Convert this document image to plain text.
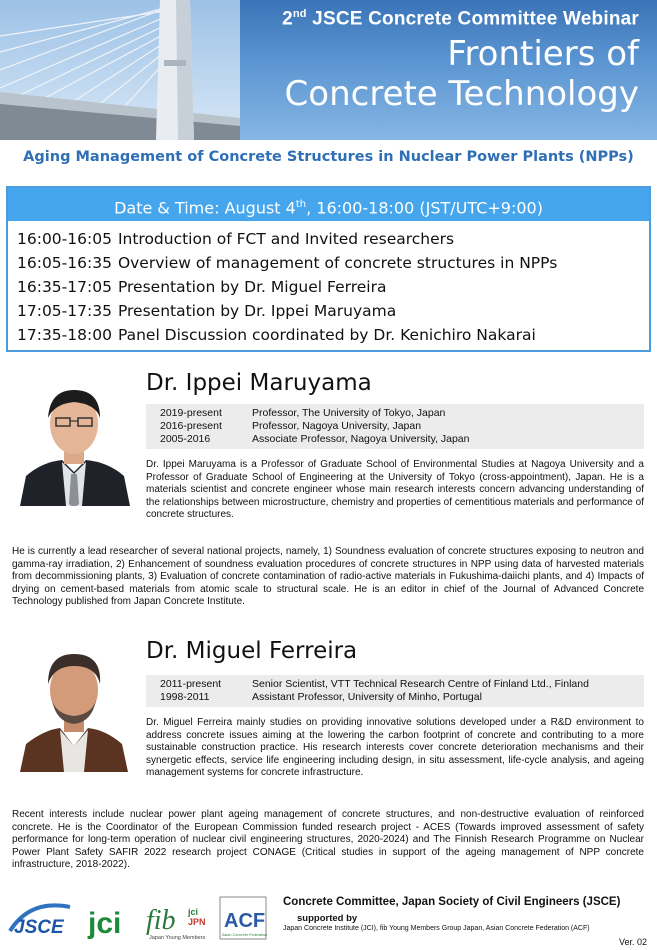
2nd JSCE Concrete Committee Webinar
Frontiers of
Concrete Technology
Aging Management of Concrete Structures in Nuclear Power Plants (NPPs)
Date & Time: August 4th, 16:00-18:00 (JST/UTC+9:00)
16:00-16:05 Introduction of FCT and Invited researchers
16:05-16:35 Overview of management of concrete structures in NPPs
16:35-17:05 Presentation by Dr. Miguel Ferreira
17:05-17:35 Presentation by Dr. Ippei Maruyama
17:35-18:00 Panel Discussion coordinated by Dr. Kenichiro Nakarai
Dr. Ippei Maruyama
2019-present	Professor, The University of Tokyo, Japan
2016-present	Professor, Nagoya University, Japan
2005-2016	Associate Professor, Nagoya University, Japan
Dr. Ippei Maruyama is a Professor of Graduate School of Environmental Studies at Nagoya University and a Professor of Graduate School of Engineering at the University of Tokyo (cross-appointment), Japan. He is a materials scientist and concrete engineer whose main research interests concern advancing understanding of the relationships between microstructure, chemistry and properties of cementitious materials and performance of concrete structures.
He is currently a lead researcher of several national projects, namely, 1) Soundness evaluation of concrete structures exposing to neutron and gamma-ray irradiation, 2) Enhancement of soundness evaluation procedures of concrete structures in NPP using data of harvested materials from decommissioning plants, 3) Evaluation of concrete contamination of radio-active materials in Fukushima-daiichi plants, and 4) Impacts of drying on cement-based materials from atomic scale to structural scale. He is an editor in chief of the Journal of Advanced Concrete Technology published from Japan Concrete Institute.
Dr. Miguel Ferreira
2011-present	Senior Scientist, VTT Technical Research Centre of Finland Ltd., Finland
1998-2011	Assistant Professor, University of Minho, Portugal
Dr. Miguel Ferreira mainly studies on providing innovative solutions developed under a R&D environment to address concrete issues aiming at the lowering the carbon footprint of concrete and contributing to a more sustainable construction practice. His research interests cover concrete deterioration mechanisms and their synergetic effects, service life engineering including design, in situ assessment, life-cycle analysis, and ageing management systems for concrete infrastructure.
Recent interests include nuclear power plant ageing management of concrete structures, and non-destructive evaluation of reinforced concrete. He is the Coordinator of the European Commission funded research project - ACES (Towards improved assessment of safety performance for long-term operation of nuclear civil engineering structures, 2020-2024) and The Finnish Research Programme on Nuclear Power Plant Safety SAFIR 2022 research project CONAGE (Critical studies in support of the ageing management of NPP concrete infrastructure, 2018-2022).
JSCE jci fib jci
JPN
Japan Young Members
ACF
Asian Concrete Federation
Concrete Committee, Japan Society of Civil Engineers (JSCE)
supported by
Japan Concrete Institute (JCI), fib Young Members Group Japan, Asian Concrete Federation (ACF)
Ver. 02
